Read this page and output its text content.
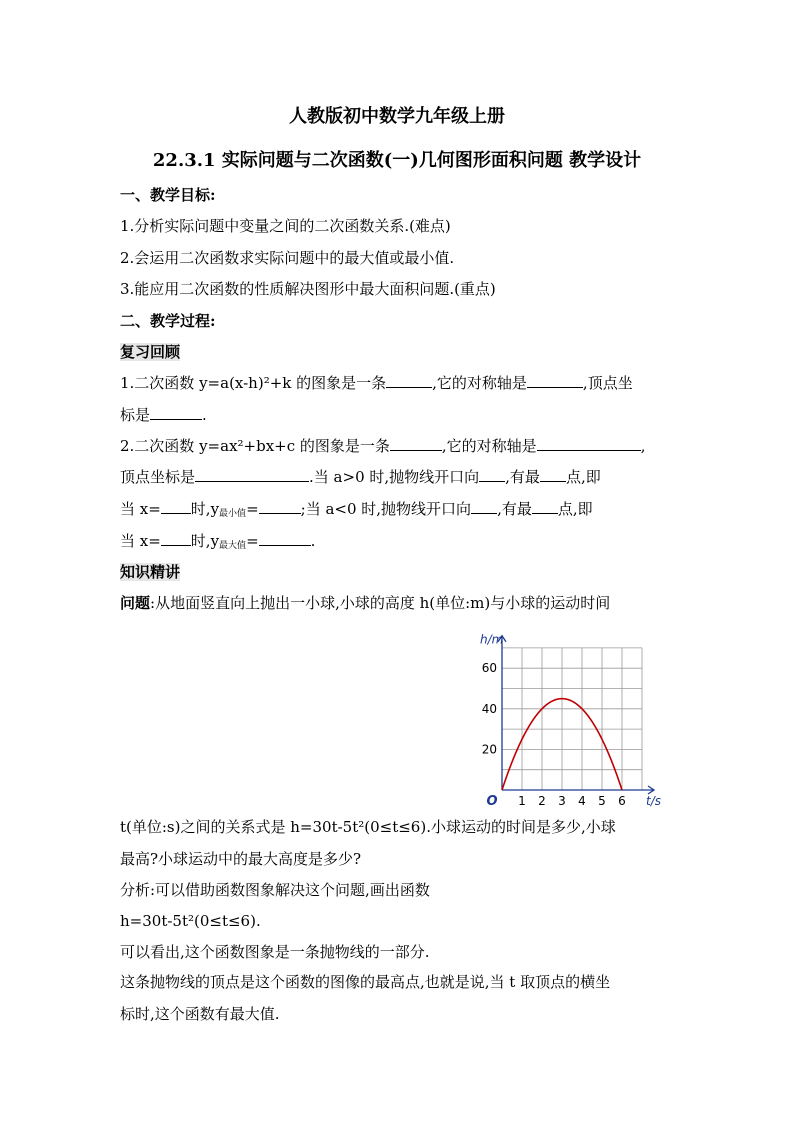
人教版初中数学九年级上册
22.3.1 实际问题与二次函数(一)几何图形面积问题 教学设计
一、教学目标:
1.分析实际问题中变量之间的二次函数关系.(难点)
2.会运用二次函数求实际问题中的最大值或最小值.
3.能应用二次函数的性质解决图形中最大面积问题.(重点)
二、教学过程:
复习回顾
1.二次函数 y=a(x-h)²+k 的图象是一条	,它的对称轴是	,顶点坐
标是	.
2.二次函数 y=ax²+bx+c 的图象是一条	,它的对称轴是	,
顶点坐标是	.当 a>0 时,抛物线开口向 ,有最 点,即
当 x= 时$,y_{最小值}=$	;当 a<0 时,抛物线开口向 ,有最 点,即
当 x= 时$,y_{最大值}=$	.
知识精讲
问题:从地面竖直向上抛出一小球,小球的高度 h(单位:m)与小球的运动时间
1 2 3 4 5 6
20
40
60
O	t/s
h/m
t(单位:s)之间的关系式是 h=30t-5t²(0≤t≤6).小球运动的时间是多少,小球
最高?小球运动中的最大高度是多少?
分析:可以借助函数图象解决这个问题,画出函数
h=30t-5t²(0≤t≤6).
可以看出,这个函数图象是一条抛物线的一部分.
这条抛物线的顶点是这个函数的图像的最高点,也就是说,当 t 取顶点的横坐
标时,这个函数有最大值.
